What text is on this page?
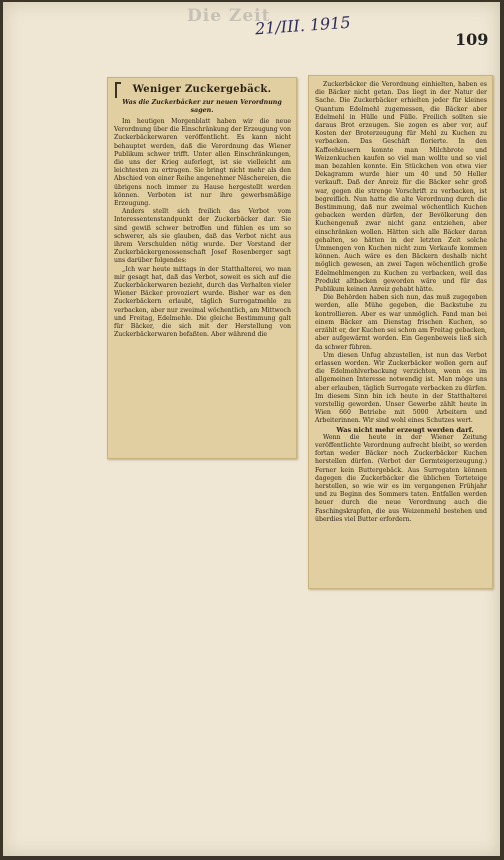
Die Zeit
21/III. 1915
109
Weniger Zuckergebäck.
Was die Zuckerbäcker zur neuen Verordnung sagen.

Im heutigen Morgenblatt haben wir die neue Verordnung über die Einschränkung der Erzeugung von Zuckerbäckerwaren veröffentlicht. Es kann nicht behauptet werden, daß die Verordnung das Wiener Publikum schwer trifft. Unter allen Einschränkungen, die uns der Krieg auferlegt, ist sie vielleicht am leichtesten zu ertragen. Sie bringt nicht mehr als den Abschied von einer Reihe angenehmer Näschereien, die übrigens noch immer zu Hause hergestellt werden können. Verboten ist nur ihre gewerbsmäßige Erzeugung.

Anders stellt sich freilich das Verbot vom Interessentenstandpunkt der Zuckerbäcker dar. Sie sind gewiß schwer betroffen und fühlen es um so schwerer, als sie glauben, daß das Verbot nicht aus ihrem Verschulden nötig wurde. Der Vorstand der Zuckerbäckergenossenschaft Josef Rosenberger sagt uns darüber folgendes:

„Ich war heute mittags in der Statthalterei, wo man mir gesagt hat, daß das Verbot, soweit es sich auf die Zuckerbäckerwaren bezieht, durch das Verhalten vieler Wiener Bäcker provoziert wurde. Bisher war es den Zuckerbäckern erlaubt, täglich Surrogatmehle zu verbacken, aber nur zweimal wöchentlich, am Mittwoch und Freitag, Edelmehle. Die gleiche Bestimmung galt für Bäcker, die sich mit der Herstellung von Zuckerbäckerwaren befaßten. Aber während die

Zuckerbäcker die Verordnung einhielten, haben es die Bäcker nicht getan. Das liegt in der Natur der Sache. Die Zuckerbäcker erhielten jeder für kleines Quantum Edelmehl zugemessen, die Bäcker aber Edelmehl in Hülle und Fülle. Freilich sollten sie daraus Brot erzeugen. Sie zogen es aber vor, auf Kosten der Broterzeugung für Mehl zu Kuchen zu verbacken. Das Geschäft florierte. In den Kaffeehäusern konnte man Milchbrote und Weizenkuchen kaufen so viel man wollte und so viel man bezahlen konnte. Ein Stückchen von etwa vier Dekagramm wurde hier um 40 und 50 Heller verkauft. Daß der Anreiz für die Bäcker sehr groß war, gegen die strenge Vorschrift zu verbacken, ist begreiflich. Nun hatte die alte Verordnung durch die Bestimmung, daß nur zweimal wöchentlich Kuchen gebacken werden dürfen, der Bevölkerung den Kuchengenuß zwar nicht ganz entziehen, aber einschränken wollen. Hätten sich alle Bäcker daran gehalten, so hätten in der letzten Zeit solche Ummengen von Kuchen nicht zum Verkaufe kommen können. Auch wäre es den Bäckern deshalb nicht möglich gewesen, an zwei Tagen wöchentlich große Edelmehlmengen zu Kuchen zu verbacken, weil das Produkt altbacken geworden wäre und für das Publikum keinen Anreiz gehabt hätte.

Die Behörden haben sich nun, das muß zugegeben werden, alle Mühe gegeben, die Backstube zu kontrollieren. Aber es war unmöglich. Fand man bei einem Bäcker am Dienstag frischen Kuchen, so erzählt er, der Kuchen sei schon am Freitag gebacken, aber aufgewärmt worden. Ein Gegenbeweis ließ sich da schwer führen.

Um diesen Unfug abzustellen, ist nun das Verbot erlassen worden. Wir Zuckerbäcker wollen gern auf die Edelmehlverbackung verzichten, wenn es im allgemeinen Interesse notwendig ist. Man möge uns aber erlauben, täglich Surrogate verbacken zu dürfen. Im diesem Sinn bin ich heute in der Statthalterei vorstellig geworden. Unser Gewerbe zählt heute in Wien 660 Betriebe mit 5000 Arbeitern und Arbeiterinnen. Wir sind wohl eines Schutzes wert.

Was nicht mehr erzeugt werden darf.

Wenn die heute in der Wiener Zeitung veröffentlichte Verordnung aufrecht bleibt, so werden fortan weder Bäcker noch Zuckerbäcker Kuchen herstellen dürfen. (Verbot der Germteigerzeugung.) Ferner kein Buttergebäck. Aus Surrogaten können dagegen die Zuckerbäcker die üblichen Torteteige herstellen, so wie wir es im vergangenen Frühjahr und zu Beginn des Sommers taten. Entfallen werden heuer durch die neue Verordnung auch die Faschingskrapfen, die aus Weizenmehl bestehen und überdies viel Butter erfordern.
